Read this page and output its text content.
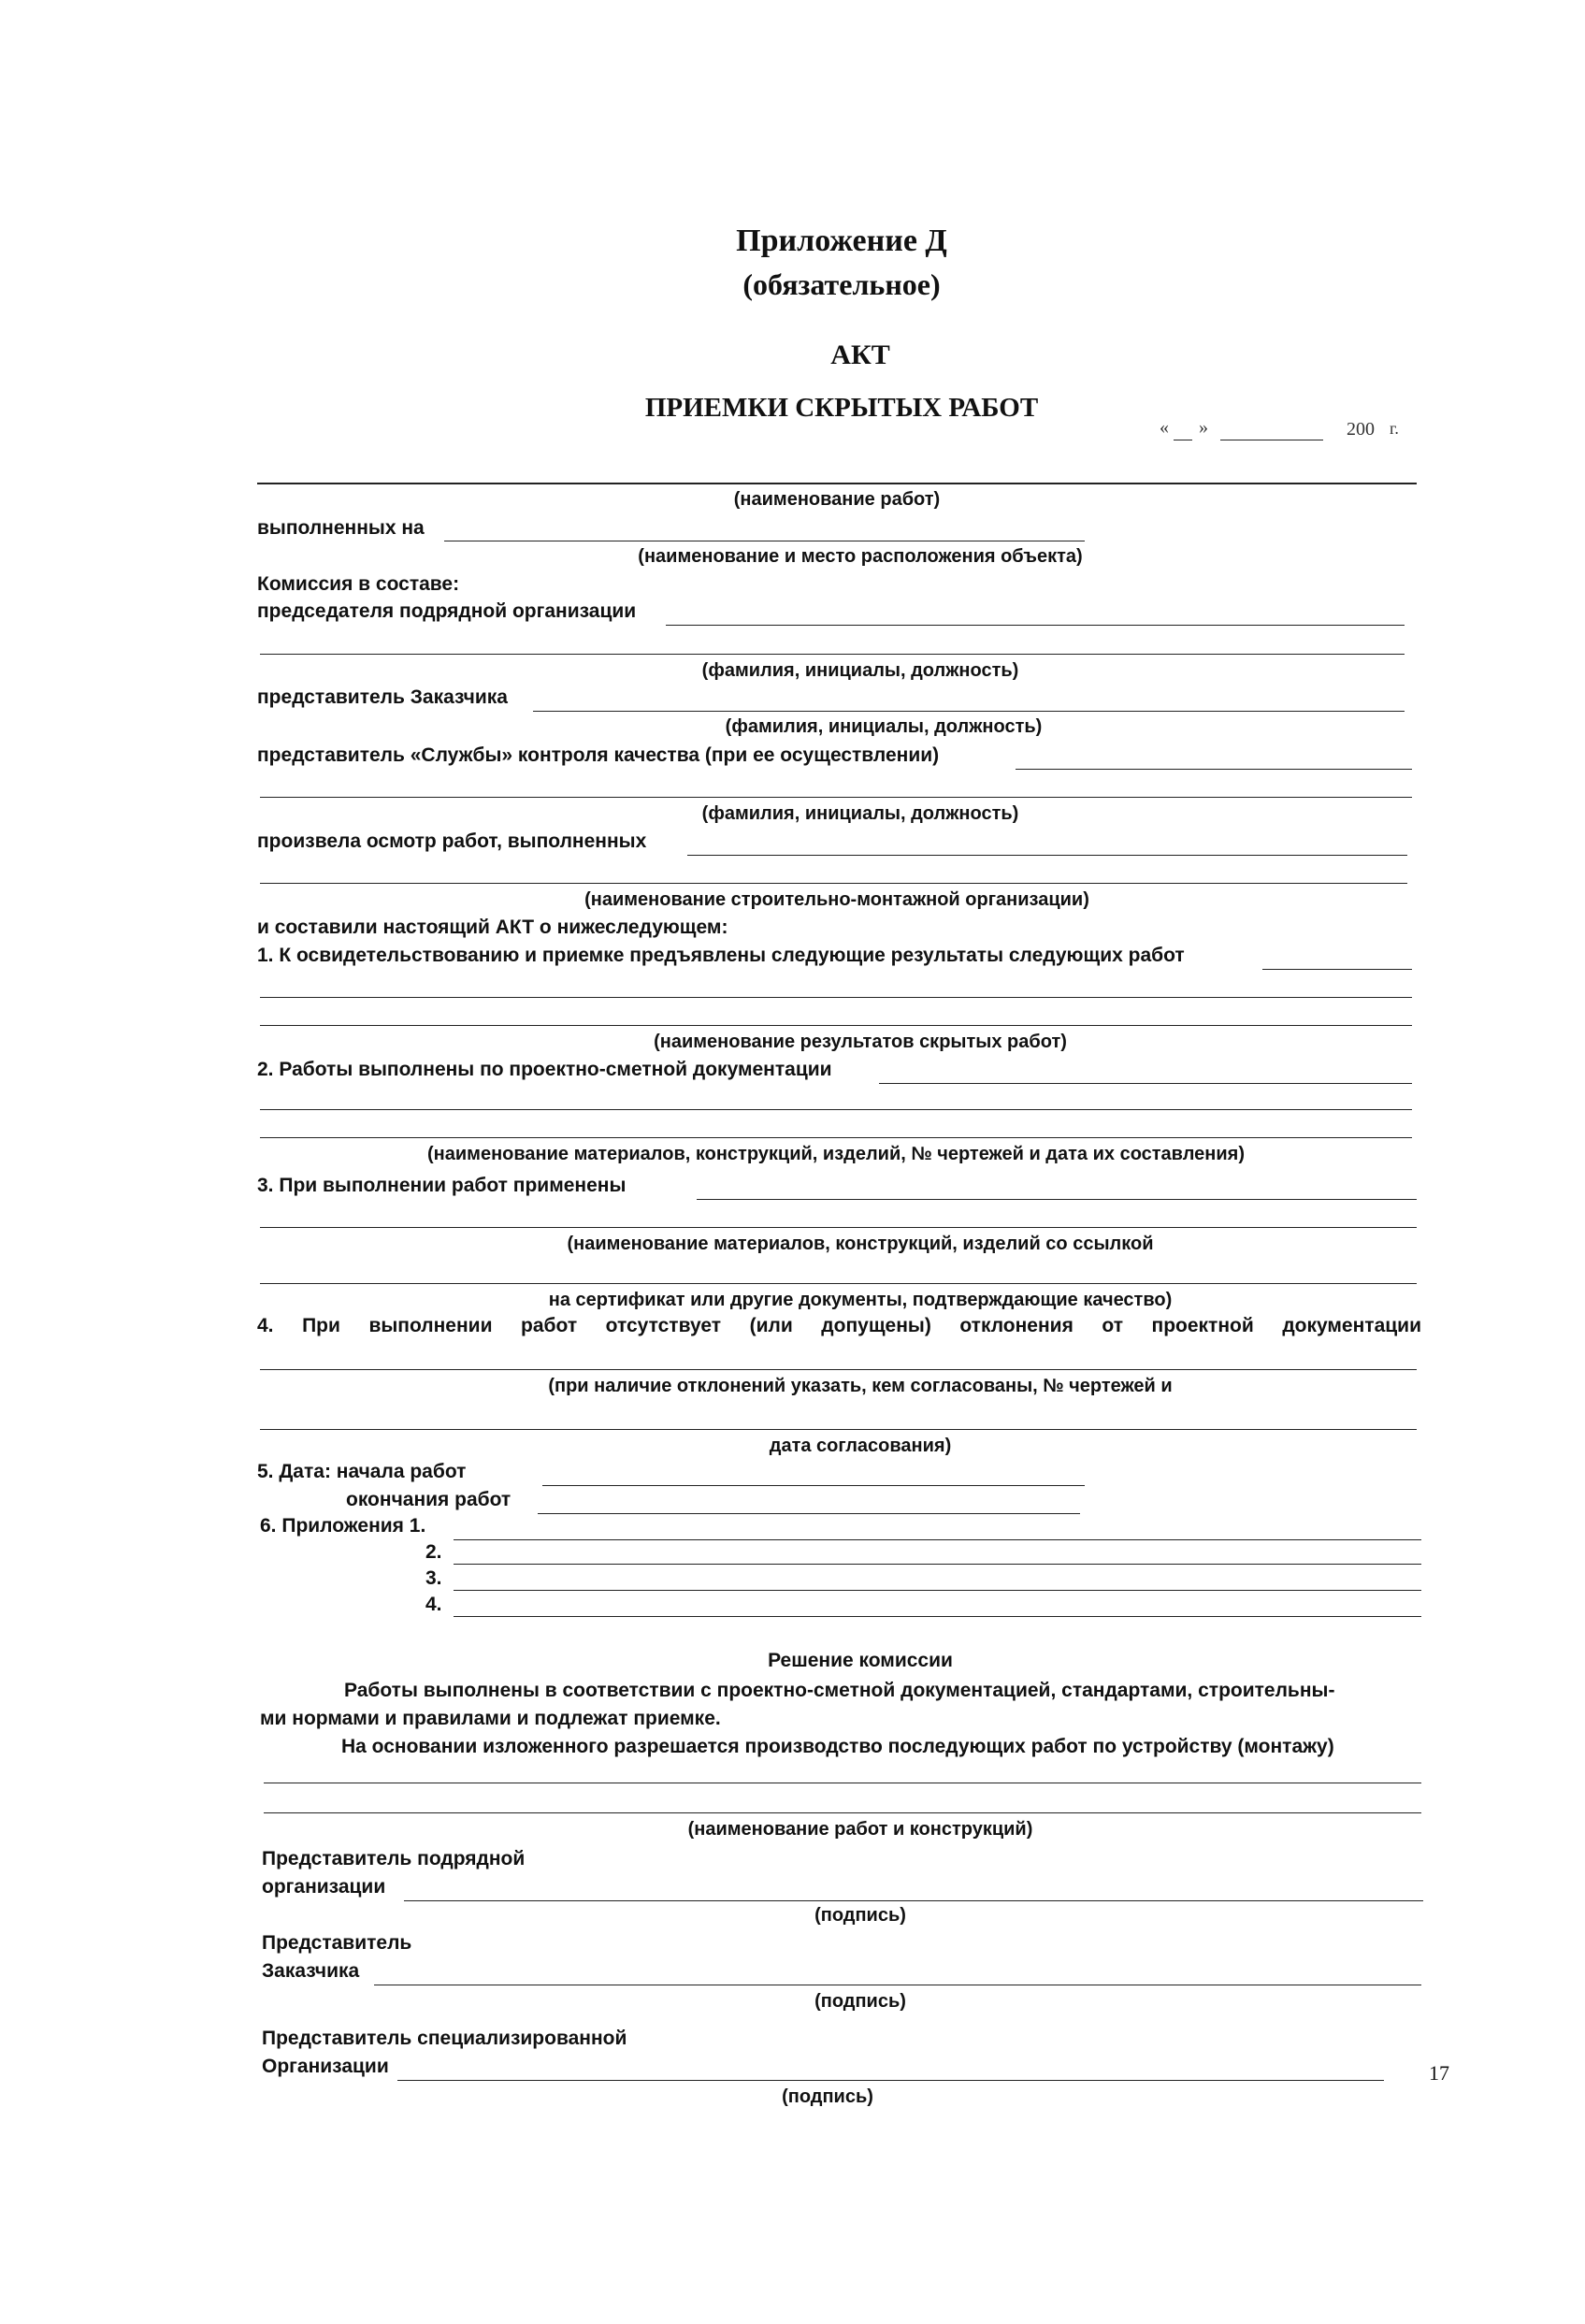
Приложение Д
(обязательное)
АКТ
ПРИЕМКИ СКРЫТЫХ РАБОТ
« »	200 г.
(наименование работ)
выполненных на
(наименование и место расположения объекта)
Комиссия в составе:
председателя подрядной организации
(фамилия, инициалы, должность)
представитель Заказчика
(фамилия, инициалы, должность)
представитель «Службы» контроля качества (при ее осуществлении)
(фамилия, инициалы, должность)
произвела осмотр работ, выполненных
(наименование строительно-монтажной организации)
и составили настоящий АКТ о нижеследующем:
1. К освидетельствованию и приемке предъявлены следующие результаты следующих работ
(наименование результатов скрытых работ)
2. Работы выполнены по проектно-сметной документации
(наименование материалов, конструкций, изделий, № чертежей и дата их составления)
3. При выполнении работ применены
(наименование материалов, конструкций, изделий со ссылкой
на сертификат или другие документы, подтверждающие качество)
4. При выполнении работ отсутствует (или допущены) отклонения от проектной документации
(при наличие отклонений указать, кем согласованы, № чертежей и
дата согласования)
5. Дата: начала работ
окончания работ
6. Приложения 1.
2.
3.
4.
Решение комиссии
Работы выполнены в соответствии с проектно-сметной документацией, стандартами, строительны-
ми нормами и правилами и подлежат приемке.
На основании изложенного разрешается производство последующих работ по устройству (монтажу)
(наименование работ и конструкций)
Представитель подрядной
организации
(подпись)
Представитель
Заказчика
(подпись)
Представитель специализированной
Организации
(подпись)
17
